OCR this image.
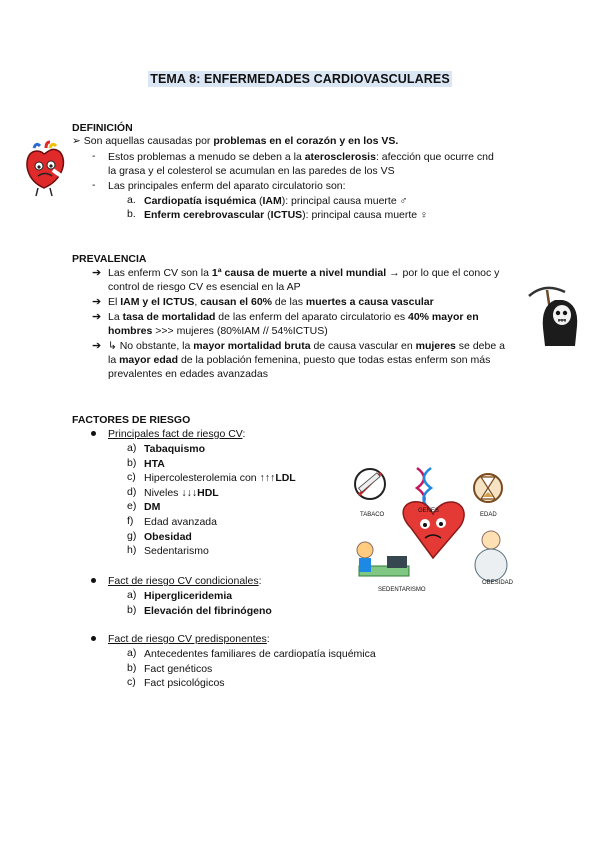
TEMA 8: ENFERMEDADES CARDIOVASCULARES
DEFINICIÓN
➢ Son aquellas causadas por problemas en el corazón y en los VS.
- Estos problemas a menudo se deben a la aterosclerosis: afección que ocurre cnd
la grasa y el colesterol se acumulan en las paredes de los VS
- Las principales enferm del aparato circulatorio son:
a. Cardiopatía isquémica (IAM): principal causa muerte ♂
b. Enferm cerebrovascular (ICTUS): principal causa muerte ♀
PREVALENCIA
➔ Las enferm CV son la 1ª causa de muerte a nivel mundial → por lo que el conoc y
control de riesgo CV es esencial en la AP
➔ El IAM y el ICTUS, causan el 60% de las muertes a causa vascular
➔ La tasa de mortalidad de las enferm del aparato circulatorio es 40% mayor en
hombres >>> mujeres (80%IAM // 54%ICTUS)
➔ ↳ No obstante, la mayor mortalidad bruta de causa vascular en mujeres se debe a
la mayor edad de la población femenina, puesto que todas estas enferm son más
prevalentes en edades avanzadas
FACTORES DE RIESGO
Principales fact de riesgo CV:
a) Tabaquismo
b) HTA
c) Hipercolesterolemia con ↑↑↑LDL
d) Niveles ↓↓↓HDL
e) DM
f) Edad avanzada
g) Obesidad
h) Sedentarismo
Fact de riesgo CV condicionales:
a) Hipergliceridemia
b) Elevación del fibrinógeno
Fact de riesgo CV predisponentes:
a) Antecedentes familiares de cardiopatía isquémica
b) Fact genéticos
c) Fact psicológicos
TABACO
GENES
EDAD
OBESIDAD
SEDENTARISMO
